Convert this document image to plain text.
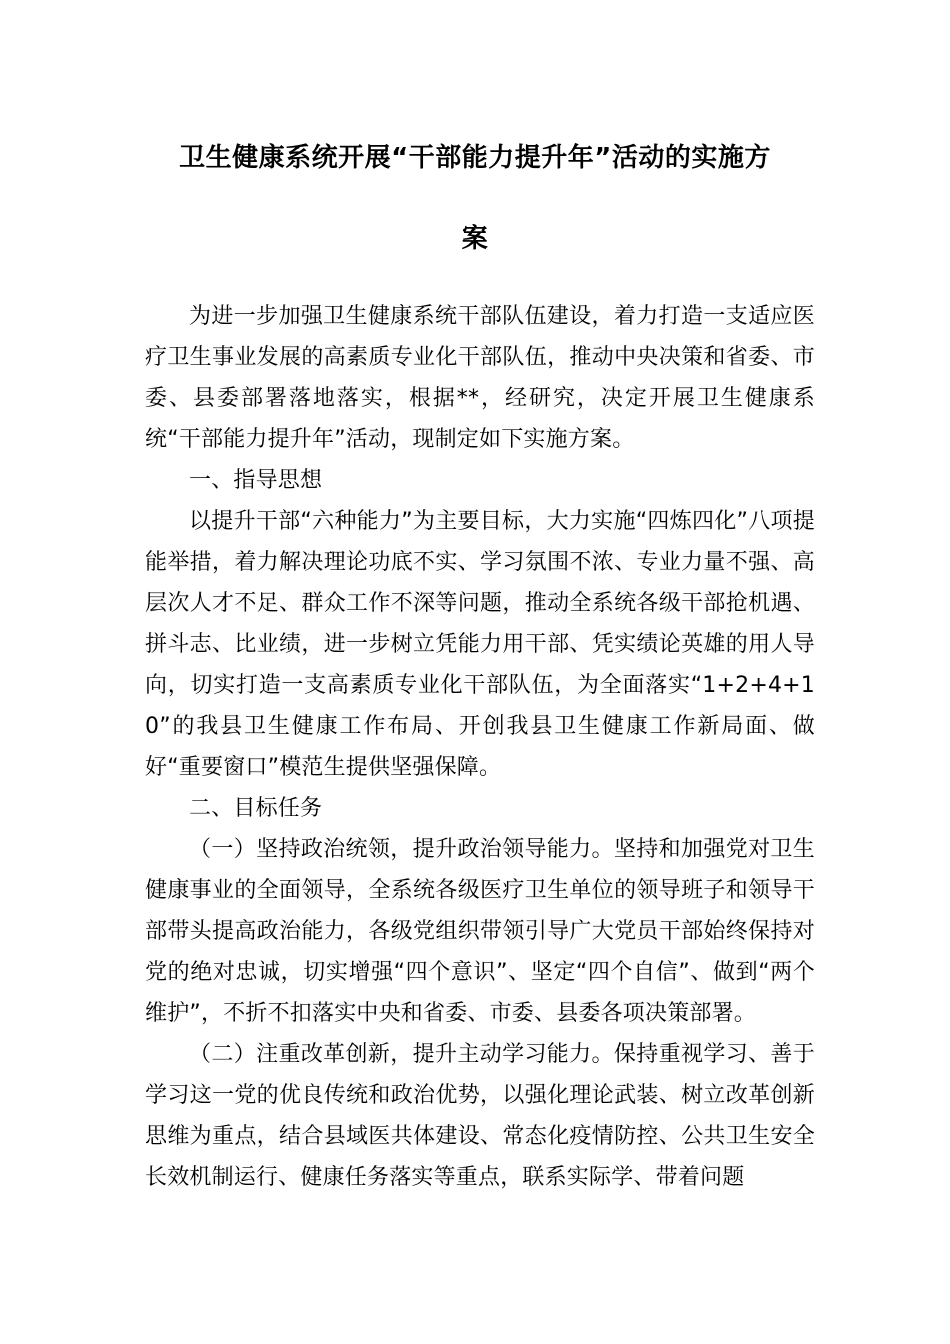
卫生健康系统开展“干部能力提升年”活动的实施方
案

为进一步加强卫生健康系统干部队伍建设，着力打造一支适应医疗卫生事业发展的高素质专业化干部队伍，推动中央决策和省委、市委、县委部署落地落实，根据**，经研究，决定开展卫生健康系统“干部能力提升年”活动，现制定如下实施方案。

一、指导思想

以提升干部“六种能力”为主要目标，大力实施“四炼四化”八项提能举措，着力解决理论功底不实、学习氛围不浓、专业力量不强、高层次人才不足、群众工作不深等问题，推动全系统各级干部抢机遇、拼斗志、比业绩，进一步树立凭能力用干部、凭实绩论英雄的用人导向，切实打造一支高素质专业化干部队伍，为全面落实“1+2+4+10”的我县卫生健康工作布局、开创我县卫生健康工作新局面、做好“重要窗口”模范生提供坚强保障。

二、目标任务

（一）坚持政治统领，提升政治领导能力。坚持和加强党对卫生健康事业的全面领导，全系统各级医疗卫生单位的领导班子和领导干部带头提高政治能力，各级党组织带领引导广大党员干部始终保持对党的绝对忠诚，切实增强“四个意识”、坚定“四个自信”、做到“两个维护”，不折不扣落实中央和省委、市委、县委各项决策部署。

（二）注重改革创新，提升主动学习能力。保持重视学习、善于学习这一党的优良传统和政治优势，以强化理论武装、树立改革创新思维为重点，结合县域医共体建设、常态化疫情防控、公共卫生安全长效机制运行、健康任务落实等重点，联系实际学、带着问题
